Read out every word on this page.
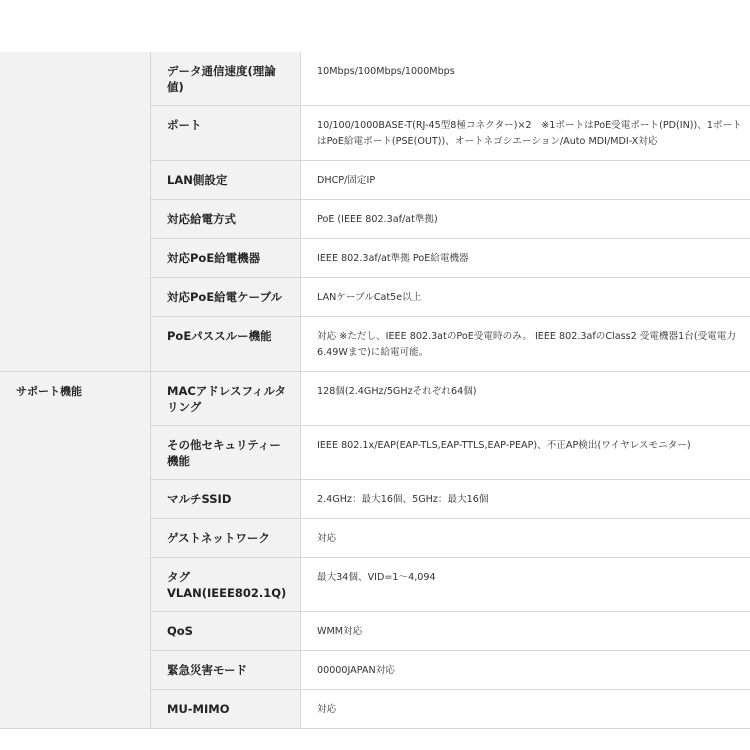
	データ通信速度(理論値)	10Mbps/100Mbps/1000Mbps

	ポート	10/100/1000BASE-T(RJ-45型8極コネクター)×2　※1ポートはPoE受電ポート(PD(IN))、1ポートはPoE給電ポート(PSE(OUT))、オートネゴシエーション/Auto MDI/MDI-X対応

	LAN側設定	DHCP/固定IP

	対応給電方式	PoE (IEEE 802.3af/at準拠)

	対応PoE給電機器	IEEE 802.3af/at準拠 PoE給電機器

	対応PoE給電ケーブル	LANケーブルCat5e以上

	PoEパススルー機能	対応 ※ただし、IEEE 802.3atのPoE受電時のみ。 IEEE 802.3afのClass2 受電機器1台(受電電力 6.49Wまで)に給電可能。

サポート機能	MACアドレスフィルタリング	128個(2.4GHz/5GHzそれぞれ64個)

	その他セキュリティー機能	IEEE 802.1x/EAP(EAP-TLS,EAP-TTLS,EAP-PEAP)、不正AP検出(ワイヤレスモニター)

	マルチSSID	2.4GHz：最大16個、5GHz：最大16個

	ゲストネットワーク	対応

	タグVLAN(IEEE802.1Q)	最大34個、VID=1～4,094

	QoS	WMM対応

	緊急災害モード	00000JAPAN対応

	MU-MIMO	対応
